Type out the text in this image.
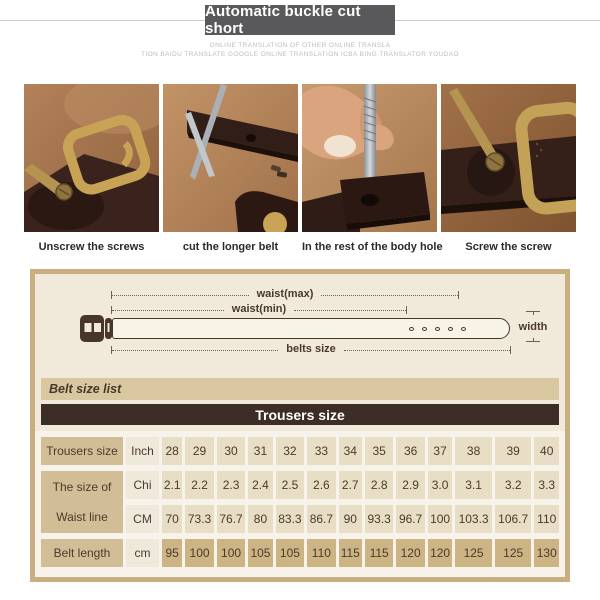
Automatic buckle cut short
ONLINE TRANSLATION OF OTHER ONLINE TRANSLA
TION BAIDU TRANSLATE GOOGLE ONLINE TRANSLATION ICBA BING TRANSLATOR YOUDAO
Unscrew the screws	cut the longer belt	In the rest of the body hole	Screw the screw
waist(max)
waist(min)
width
belts size
Belt size list
Trousers size
Trousers size	Inch	28	29	30	31	32	33	34	35	36	37	38	39	40

The size of
Waist line	Chi	2.1	2.2	2.3	2.4	2.5	2.6	2.7	2.8	2.9	3.0	3.1	3.2	3.3
	CM	70	73.3	76.7	80	83.3	86.7	90	93.3	96.7	100	103.3	106.7	110
Belt length	cm	95	100	100	105	105	110	115	115	120	120	125	125	130
